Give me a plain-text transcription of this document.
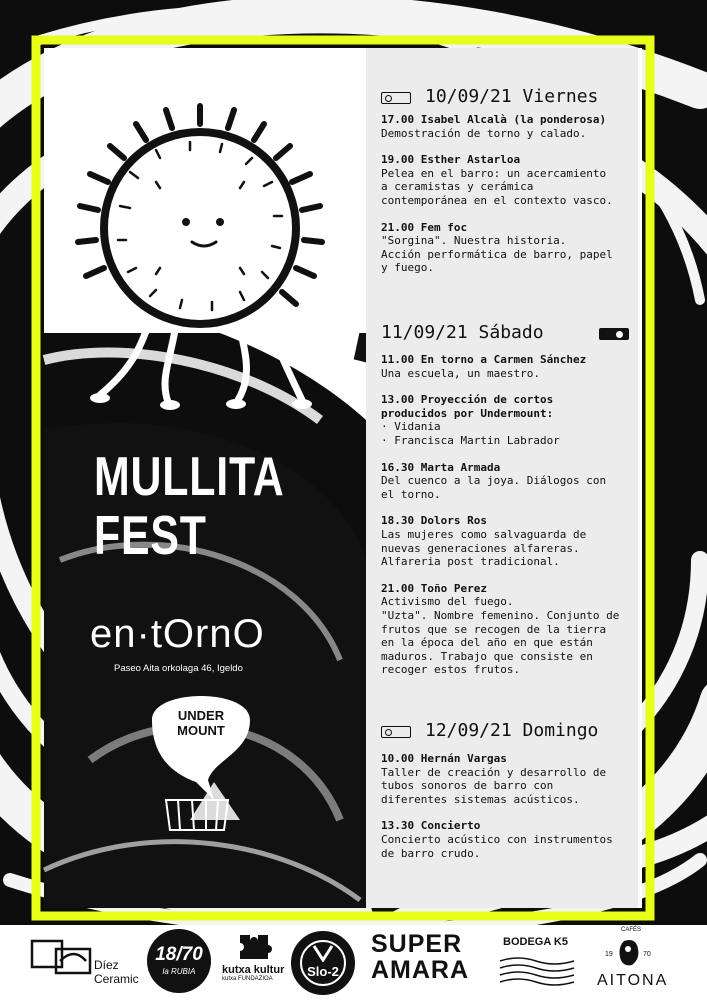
MULLITA
FEST
en·tOrnO
Paseo Aita orkolaga 46, Igeldo
UNDER
MOUNT
10/09/21 Viernes
17.00 Isabel Alcalà (la ponderosa)
Demostración de torno y calado.
19.00 Esther Astarloa
Pelea en el barro: un acercamiento
a ceramistas y cerámica
contemporánea en el contexto vasco.
21.00 Fem foc
"Sorgina". Nuestra historia.
Acción performática de barro, papel
y fuego.
11/09/21 Sábado
11.00 En torno a Carmen Sánchez
Una escuela, un maestro.
13.00 Proyección de cortos
producidos por Undermount:
· Vidania
· Francisca Martin Labrador
16.30 Marta Armada
Del cuenco a la joya. Diálogos con
el torno.
18.30 Dolors Ros
Las mujeres como salvaguarda de
nuevas generaciones alfareras.
Alfareria post tradicional.
21.00 Toño Perez
Activismo del fuego.
"Uzta". Nombre femenino. Conjunto de
frutos que se recogen de la tierra
en la época del año en que están
maduros. Trabajo que consiste en
recoger estos frutos.
12/09/21 Domingo
10.00 Hernán Vargas
Taller de creación y desarrollo de
tubos sonoros de barro con
diferentes sistemas acústicos.
13.30 Concierto
Concierto acústico con instrumentos
de barro crudo.
Díez
Ceramic
18/70
la RUBIA	kutxa kultur
kutxa FUNDAZIOA	Slo-2
SUPER
AMARA
BODEGA K5
CAFÉS
19	70
AITONA
